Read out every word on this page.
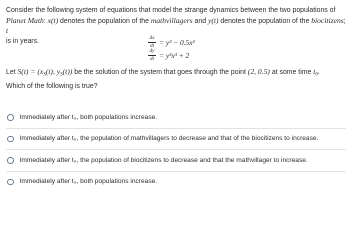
Consider the following system of equations that model the strange dynamics between the two populations of Planet Math: x(t) denotes the population of the mathvillagers and y(t) denotes the population of the biocitizens; t
is in years.	$\frac{dx}{dt} = y^3 - 0.5x^2$
$\frac{dy}{dt} = y^2x^3 + 2$
Let $S(t) = (x_S(t)$, $y_S(t)$) be the solution of the system that goes through the point (2, 0.5) at some time $t_0$.
Which of the following is true?
Immediately after t₀, both populations increase.
Immediately after t₀, the population of mathvillagers to decrease and that of the biocitizens to increase.
Immediately after t₀, the population of biocitizens to decrease and that the mathvillager to increase.
Immediately after t₀, both populations increase.
